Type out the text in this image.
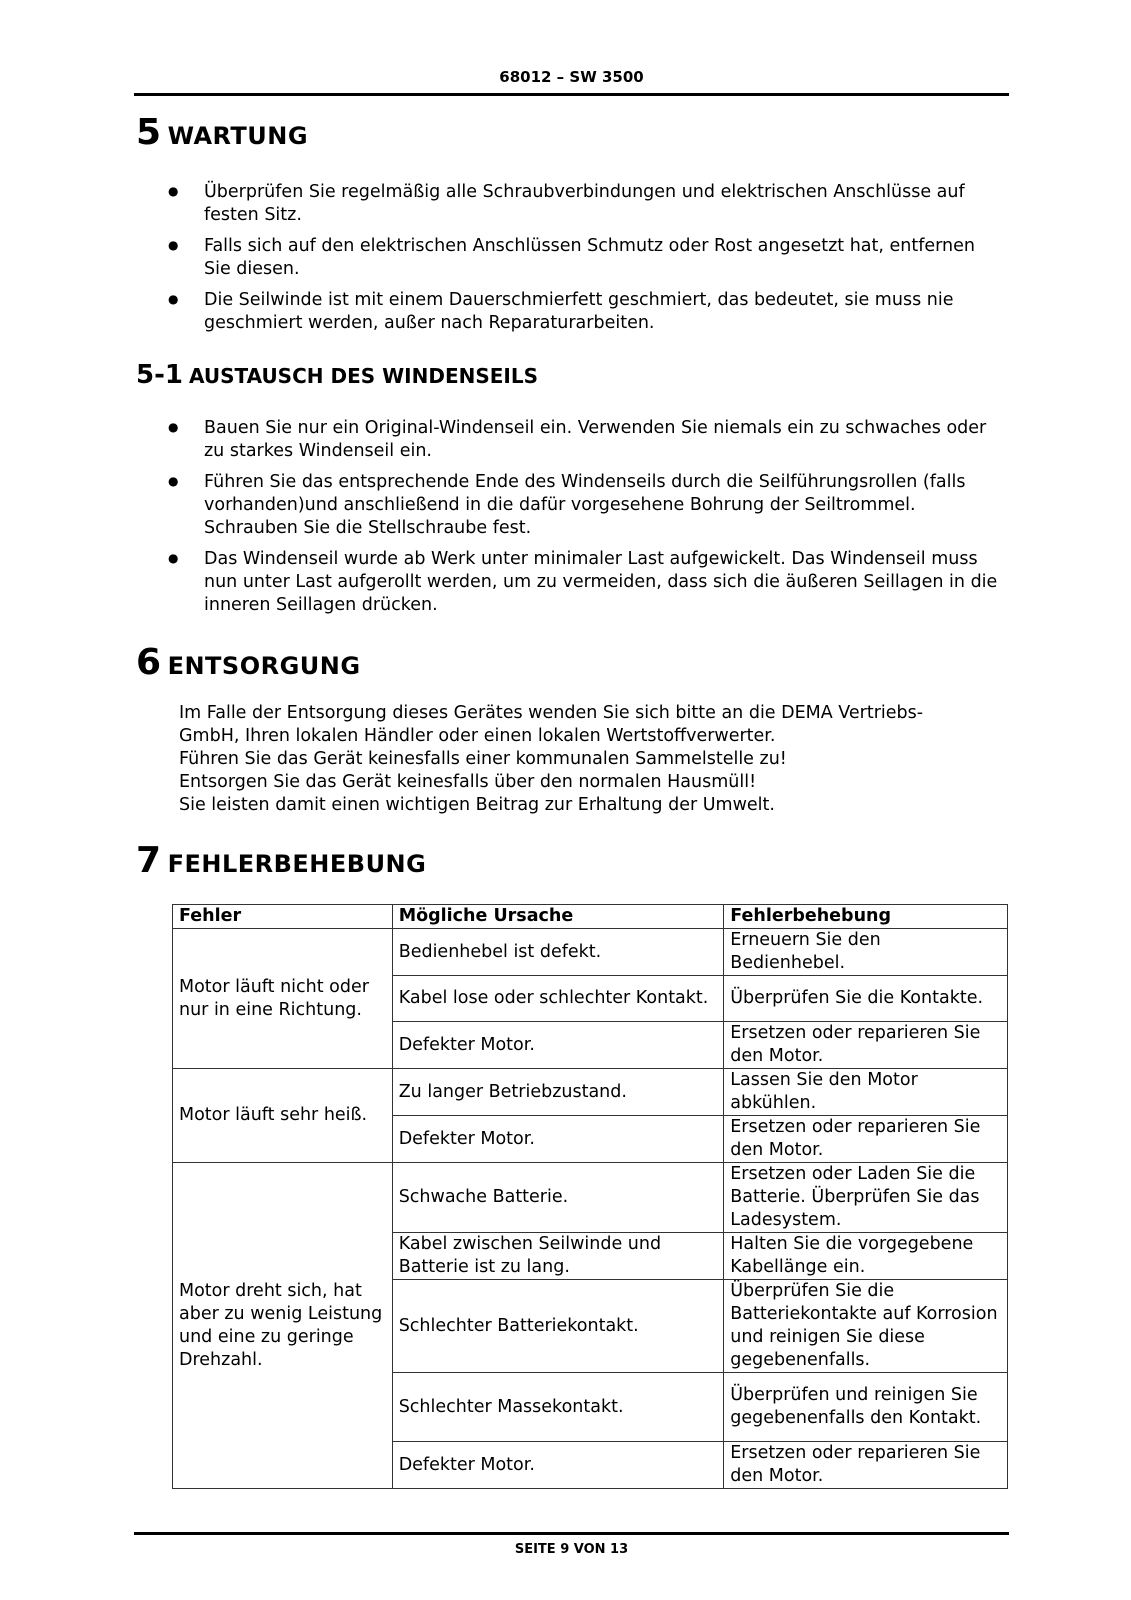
68012 – SW 3500
5 WARTUNG
● Überprüfen Sie regelmäßig alle Schraubverbindungen und elektrischen Anschlüsse auf festen Sitz.
● Falls sich auf den elektrischen Anschlüssen Schmutz oder Rost angesetzt hat, entfernen Sie diesen.
● Die Seilwinde ist mit einem Dauerschmierfett geschmiert, das bedeutet, sie muss nie geschmiert werden, außer nach Reparaturarbeiten.
5-1 AUSTAUSCH DES WINDENSEILS
● Bauen Sie nur ein Original-Windenseil ein. Verwenden Sie niemals ein zu schwaches oder zu starkes Windenseil ein.
● Führen Sie das entsprechende Ende des Windenseils durch die Seilführungsrollen (falls vorhanden)und anschließend in die dafür vorgesehene Bohrung der Seiltrommel. Schrauben Sie die Stellschraube fest.
● Das Windenseil wurde ab Werk unter minimaler Last aufgewickelt. Das Windenseil muss nun unter Last aufgerollt werden, um zu vermeiden, dass sich die äußeren Seillagen in die inneren Seillagen drücken.
6 ENTSORGUNG
Im Falle der Entsorgung dieses Gerätes wenden Sie sich bitte an die DEMA Vertriebs-
GmbH, Ihren lokalen Händler oder einen lokalen Wertstoffverwerter.
Führen Sie das Gerät keinesfalls einer kommunalen Sammelstelle zu!
Entsorgen Sie das Gerät keinesfalls über den normalen Hausmüll!
Sie leisten damit einen wichtigen Beitrag zur Erhaltung der Umwelt.
7 FEHLERBEHEBUNG
Fehler	Mögliche Ursache	Fehlerbehebung
Motor läuft nicht oder nur in eine Richtung.	Bedienhebel ist defekt.	Erneuern Sie den Bedienhebel.
	Kabel lose oder schlechter Kontakt.	Überprüfen Sie die Kontakte.
	Defekter Motor.	Ersetzen oder reparieren Sie den Motor.
Motor läuft sehr heiß.	Zu langer Betriebzustand.	Lassen Sie den Motor abkühlen.
	Defekter Motor.	Ersetzen oder reparieren Sie den Motor.
Motor dreht sich, hat aber zu wenig Leistung und eine zu geringe Drehzahl.	Schwache Batterie.	Ersetzen oder Laden Sie die Batterie. Überprüfen Sie das Ladesystem.
	Kabel zwischen Seilwinde und Batterie ist zu lang.	Halten Sie die vorgegebene Kabellänge ein.
	Schlechter Batteriekontakt.	Überprüfen Sie die Batteriekontakte auf Korrosion und reinigen Sie diese gegebenenfalls.
	Schlechter Massekontakt.	Überprüfen und reinigen Sie gegebenenfalls den Kontakt.
	Defekter Motor.	Ersetzen oder reparieren Sie den Motor.
SEITE 9 VON 13
